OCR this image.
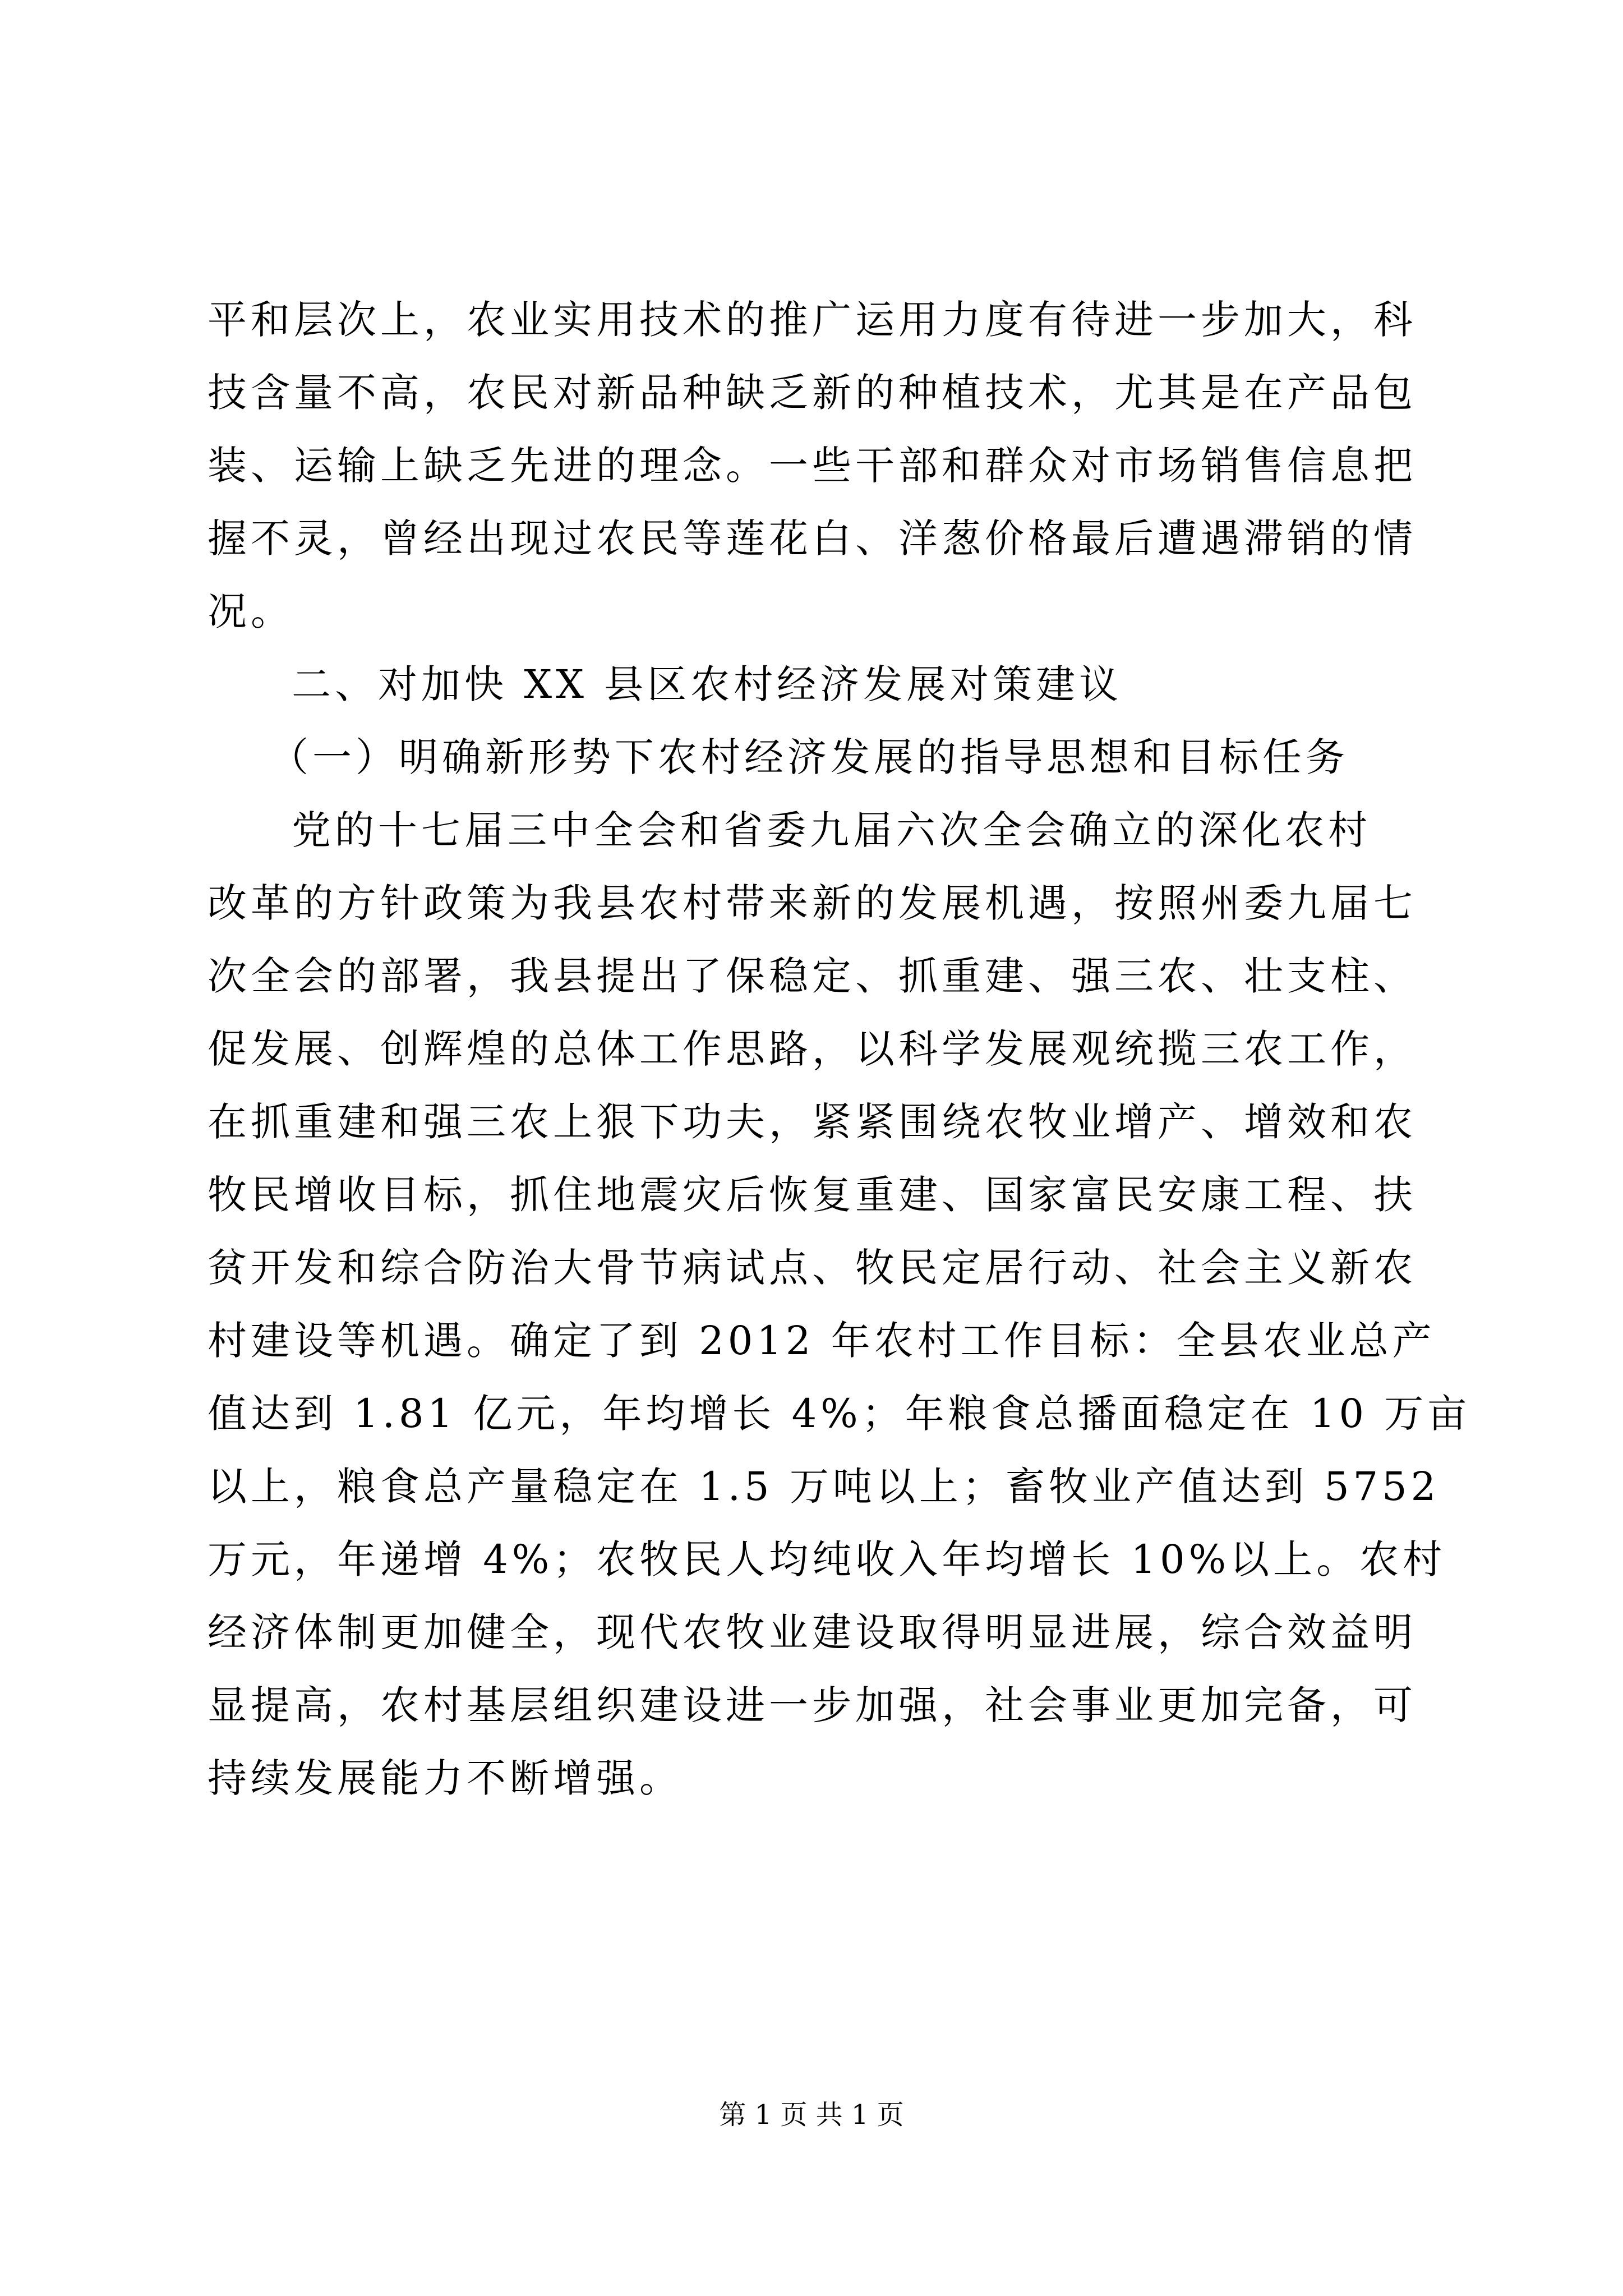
平和层次上，农业实用技术的推广运用力度有待进一步加大，科
技含量不高，农民对新品种缺乏新的种植技术，尤其是在产品包
装、运输上缺乏先进的理念。一些干部和群众对市场销售信息把
握不灵，曾经出现过农民等莲花白、洋葱价格最后遭遇滞销的情
况。
二、对加快 XX 县区农村经济发展对策建议
（一）明确新形势下农村经济发展的指导思想和目标任务
党的十七届三中全会和省委九届六次全会确立的深化农村
改革的方针政策为我县农村带来新的发展机遇，按照州委九届七
次全会的部署，我县提出了保稳定、抓重建、强三农、壮支柱、
促发展、创辉煌的总体工作思路，以科学发展观统揽三农工作，
在抓重建和强三农上狠下功夫，紧紧围绕农牧业增产、增效和农
牧民增收目标，抓住地震灾后恢复重建、国家富民安康工程、扶
贫开发和综合防治大骨节病试点、牧民定居行动、社会主义新农
村建设等机遇。确定了到 2012 年农村工作目标：全县农业总产
值达到 1.81 亿元，年均增长 4%；年粮食总播面稳定在 10 万亩
以上，粮食总产量稳定在 1.5 万吨以上；畜牧业产值达到 5752
万元，年递增 4%；农牧民人均纯收入年均增长 10%以上。农村
经济体制更加健全，现代农牧业建设取得明显进展，综合效益明
显提高，农村基层组织建设进一步加强，社会事业更加完备，可
持续发展能力不断增强。
第 1 页 共 1 页
